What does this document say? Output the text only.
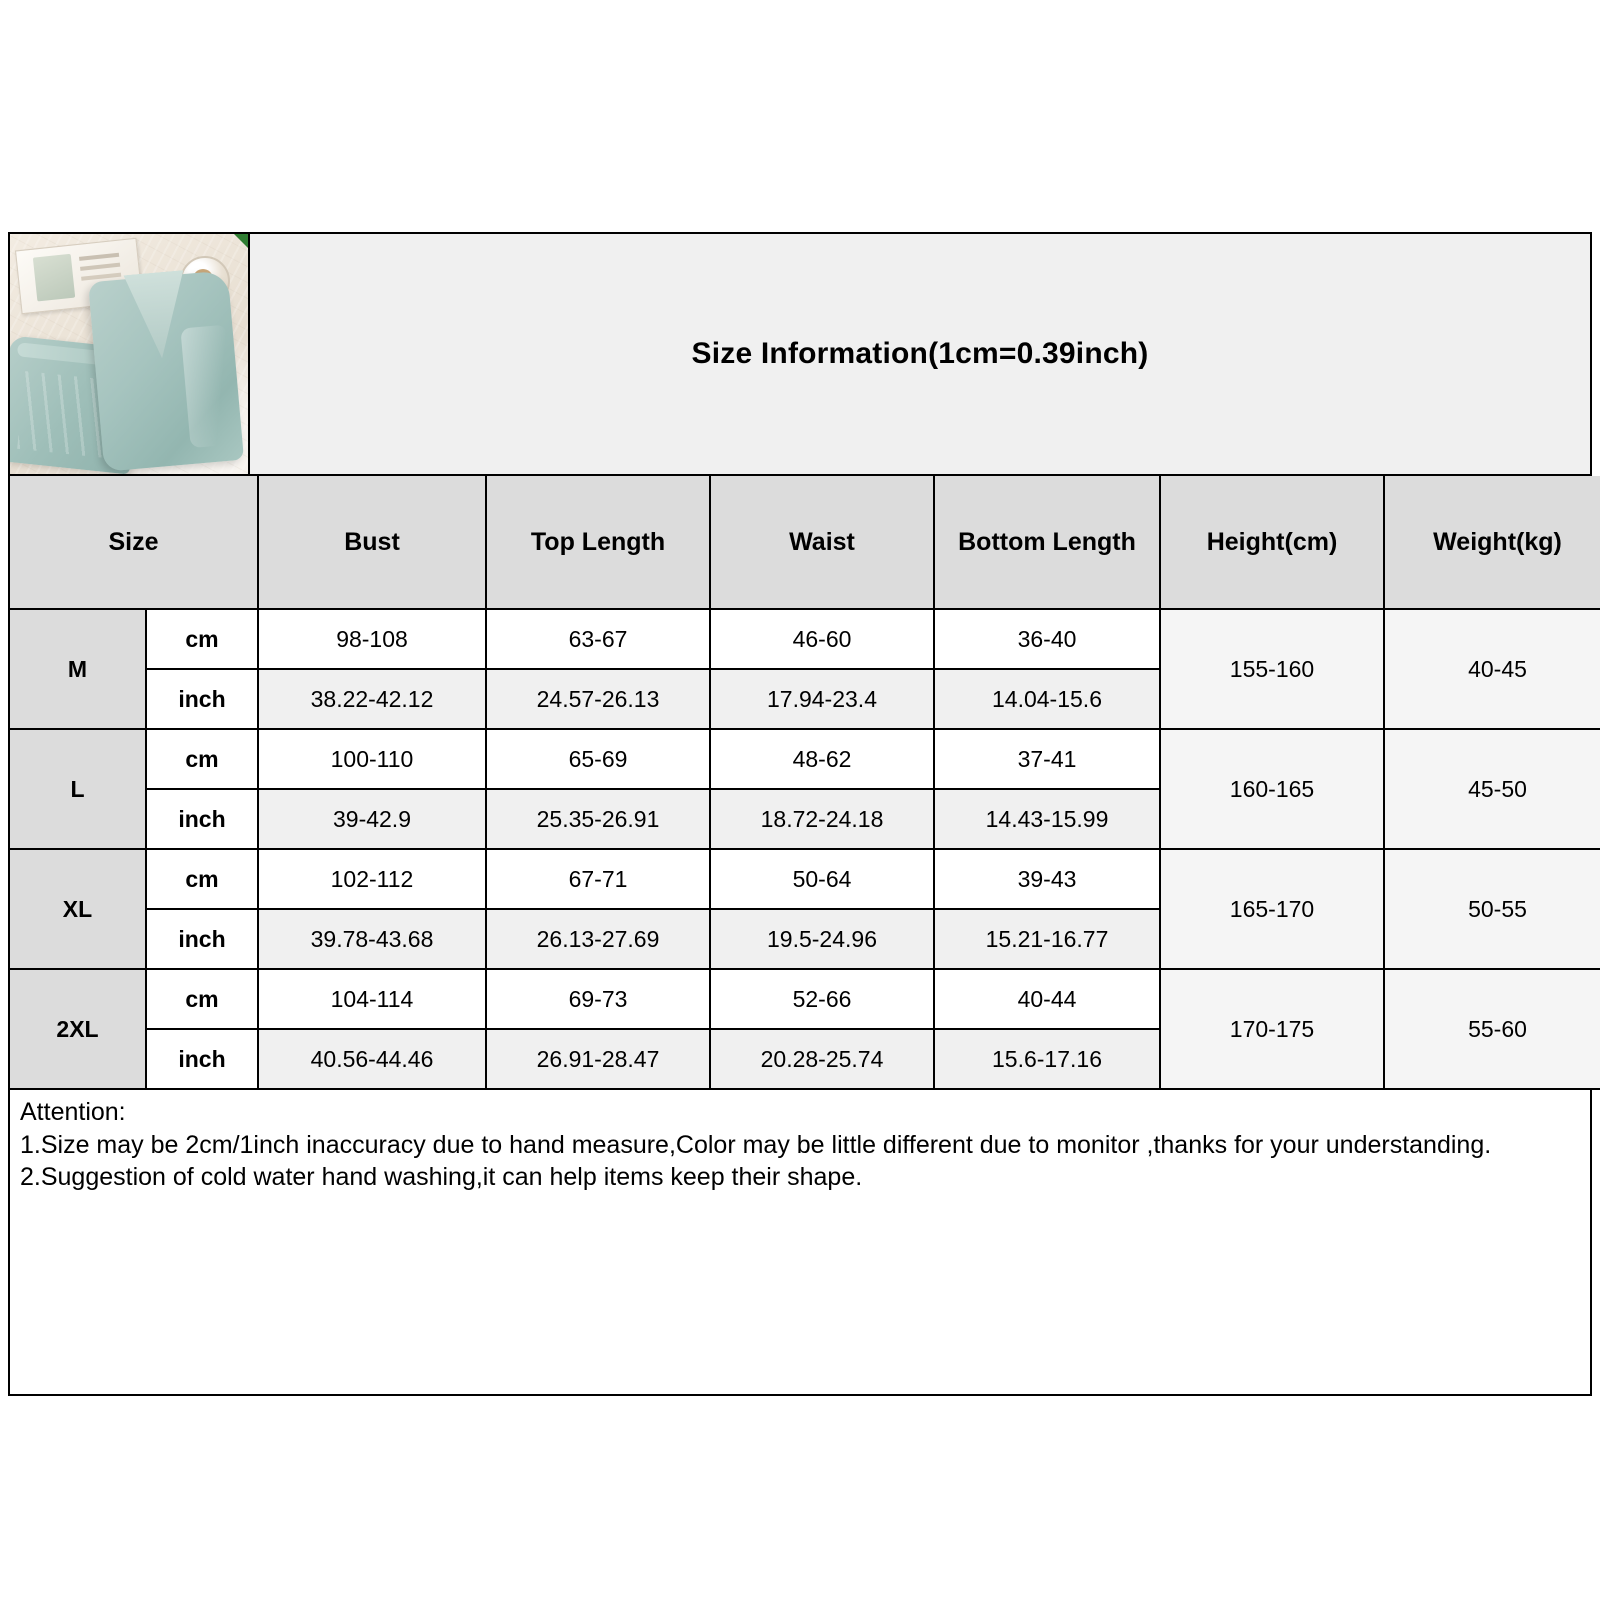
Size Information(1cm=0.39inch)
Size		Bust	Top Length	Waist	Bottom Length	Height(cm)	Weight(kg)
M	cm	98-108	63-67	46-60	36-40	155-160	40-45
	inch	38.22-42.12	24.57-26.13	17.94-23.4	14.04-15.6		
L	cm	100-110	65-69	48-62	37-41	160-165	45-50
	inch	39-42.9	25.35-26.91	18.72-24.18	14.43-15.99		
XL	cm	102-112	67-71	50-64	39-43	165-170	50-55
	inch	39.78-43.68	26.13-27.69	19.5-24.96	15.21-16.77		
2XL	cm	104-114	69-73	52-66	40-44	170-175	55-60
	inch	40.56-44.46	26.91-28.47	20.28-25.74	15.6-17.16		

Attention:

1.Size may be 2cm/1inch inaccuracy due to hand measure,Color may be little different due to monitor ,thanks for your understanding.

2.Suggestion of cold water hand washing,it can help items keep their shape.
